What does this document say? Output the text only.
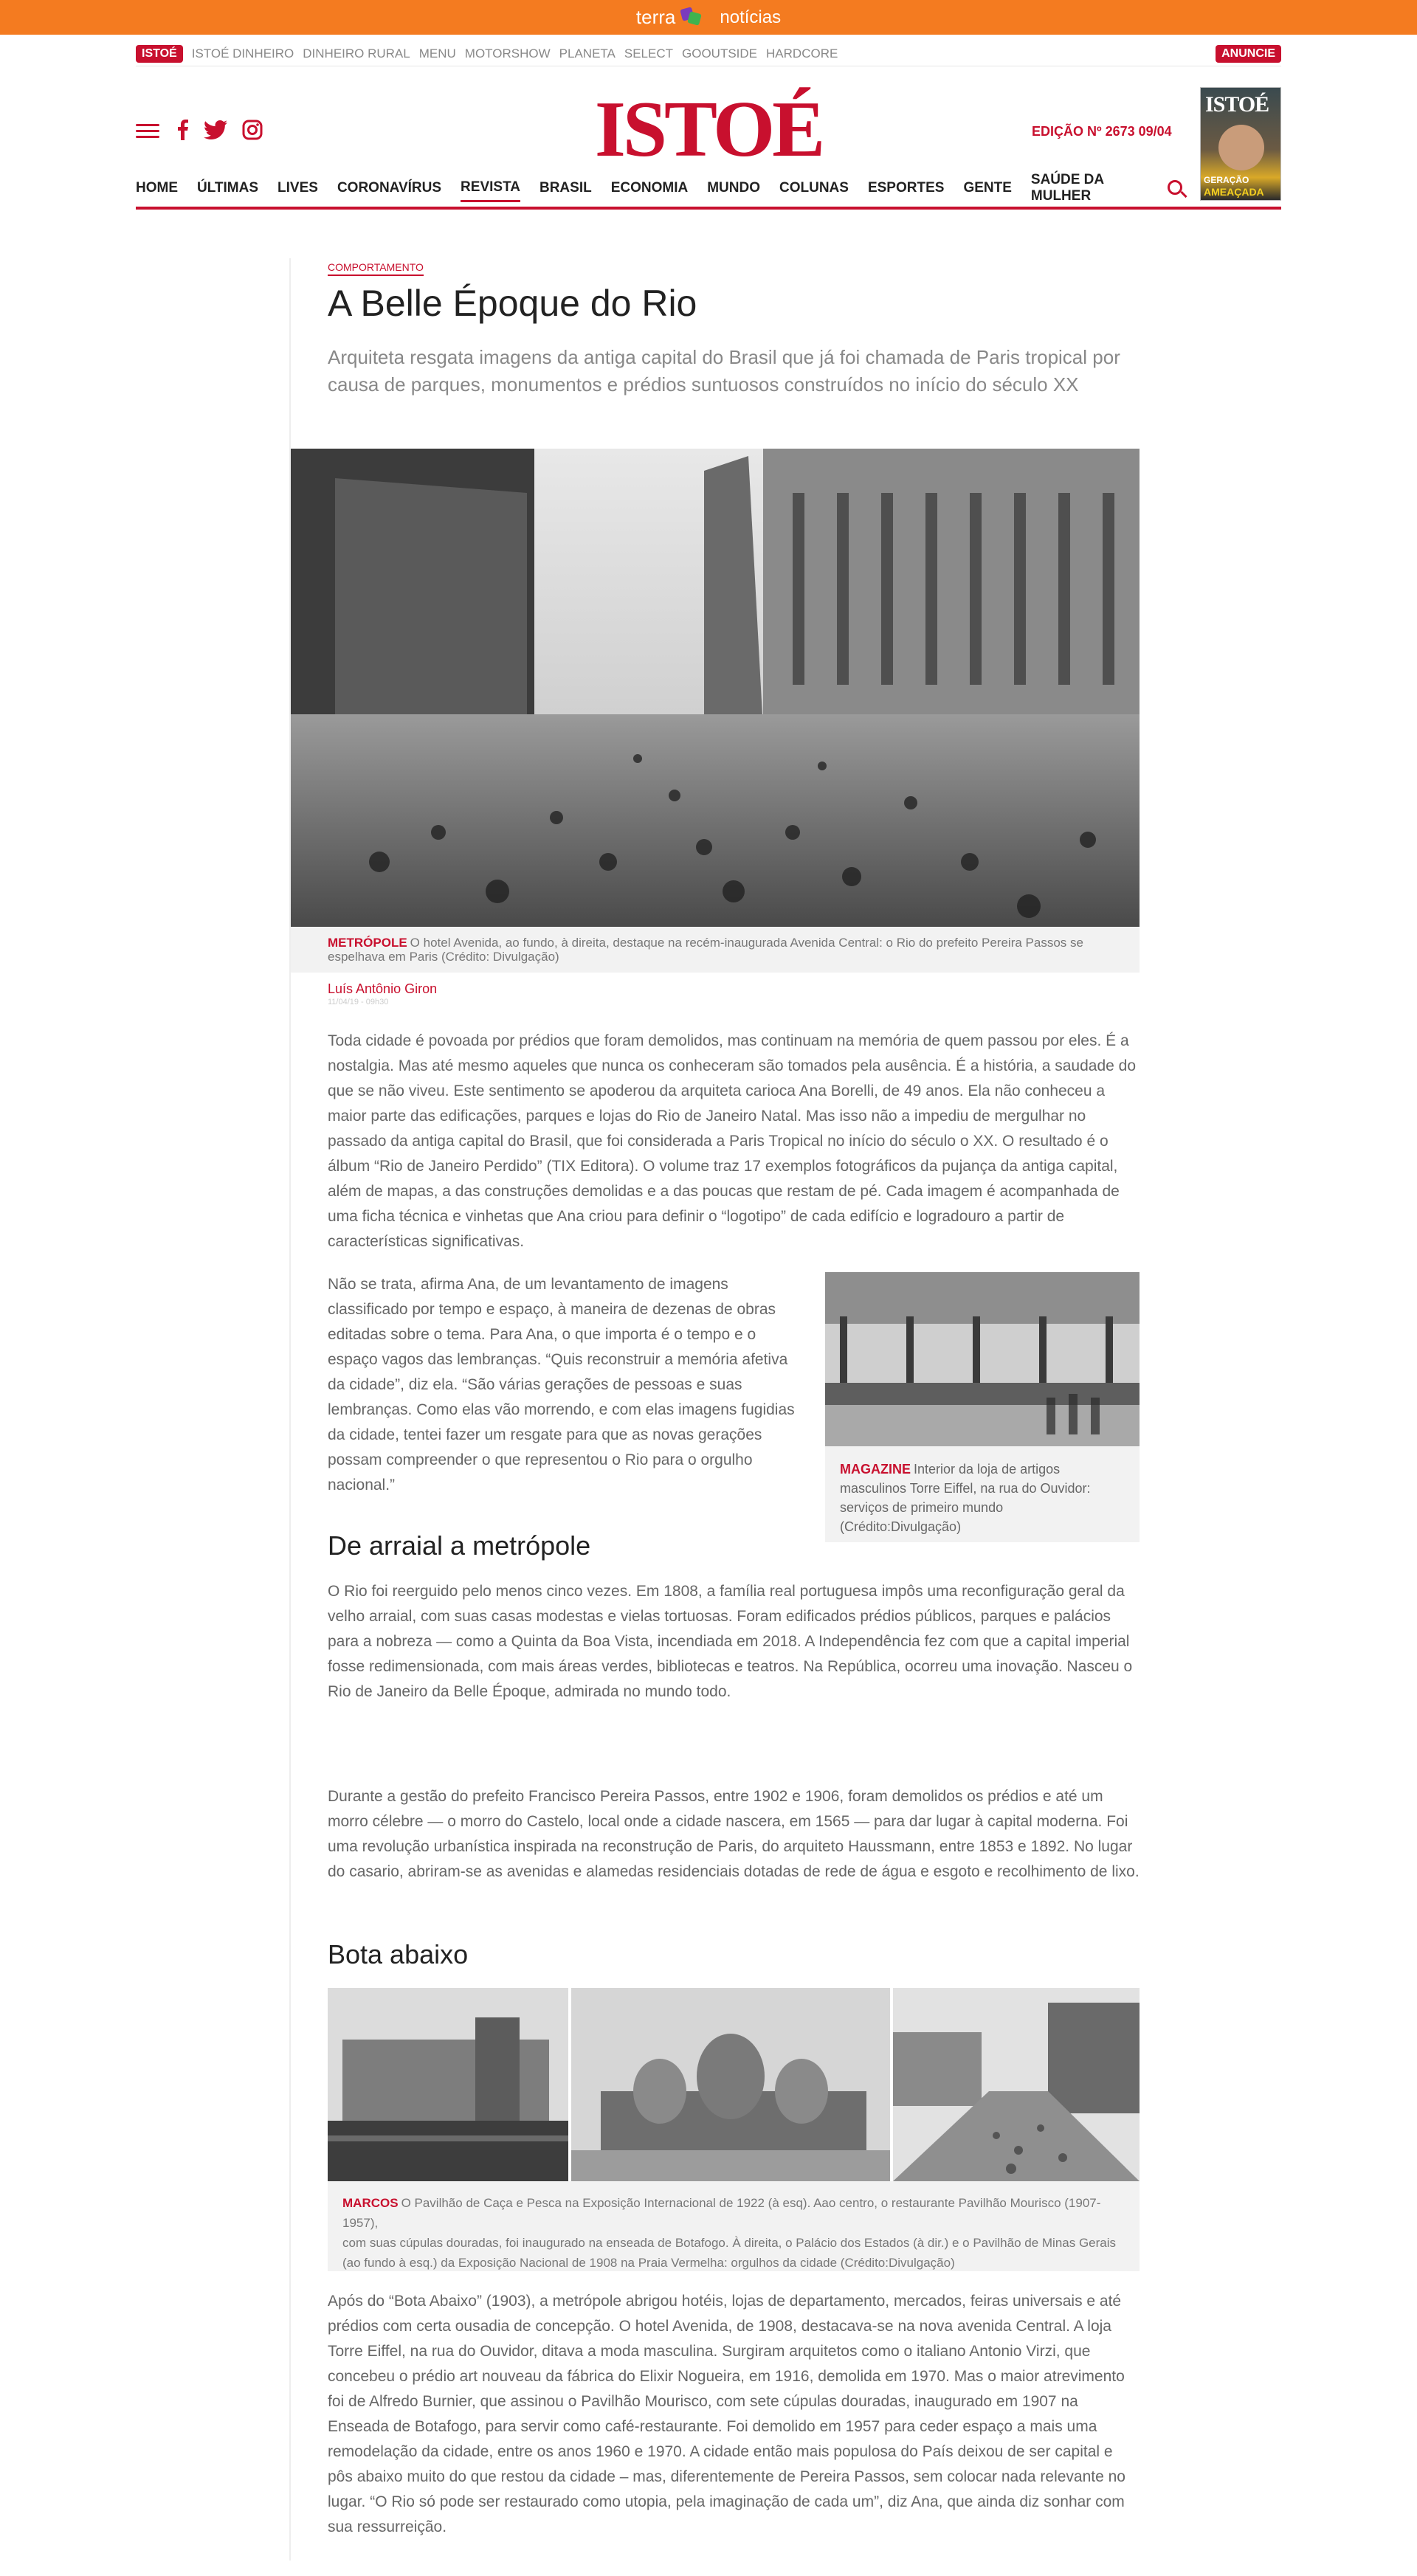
terra	notícias
ISTOÉ	ISTOÉ DINHEIRO DINHEIRO RURAL MENU MOTORSHOW PLANETA SELECT GOOUTSIDE HARDCORE	ANUNCIE
ISTOÉ	EDIÇÃO Nº 2673 09/04
ISTOÉ
GERAÇÃO
AMEAÇADA
HOME ÚLTIMAS LIVES CORONAVÍRUS REVISTA BRASIL ECONOMIA MUNDO COLUNAS ESPORTES GENTE
SAÚDE DA MULHER
COMPORTAMENTO
A Belle Époque do Rio
Arquiteta resgata imagens da antiga capital do Brasil que já foi chamada de Paris tropical por causa de parques, monumentos e prédios suntuosos construídos no início do século XX
METRÓPOLE O hotel Avenida, ao fundo, à direita, destaque na recém-inaugurada Avenida Central: o Rio do prefeito Pereira Passos se espelhava em Paris (Crédito: Divulgação)
Luís Antônio Giron
11/04/19 - 09h30

Toda cidade é povoada por prédios que foram demolidos, mas continuam na memória de quem passou por eles. É a nostalgia. Mas até mesmo aqueles que nunca os conheceram são tomados pela ausência. É a história, a saudade do que se não viveu. Este sentimento se apoderou da arquiteta carioca Ana Borelli, de 49 anos. Ela não conheceu a maior parte das edificações, parques e lojas do Rio de Janeiro Natal. Mas isso não a impediu de mergulhar no passado da antiga capital do Brasil, que foi considerada a Paris Tropical no início do século o XX. O resultado é o álbum “Rio de Janeiro Perdido” (TIX Editora). O volume traz 17 exemplos fotográficos da pujança da antiga capital, além de mapas, a das construções demolidas e a das poucas que restam de pé. Cada imagem é acompanhada de uma ficha técnica e vinhetas que Ana criou para definir o “logotipo” de cada edifício e logradouro a partir de características significativas.

Não se trata, afirma Ana, de um levantamento de imagens classificado por tempo e espaço, à maneira de dezenas de obras editadas sobre o tema. Para Ana, o que importa é o tempo e o espaço vagos das lembranças. “Quis reconstruir a memória afetiva da cidade”, diz ela. “São várias gerações de pessoas e suas lembranças. Como elas vão morrendo, e com elas imagens fugidias da cidade, tentei fazer um resgate para que as novas gerações possam compreender o que representou o Rio para o orgulho nacional.”

MAGAZINE Interior da loja de artigos masculinos Torre Eiffel, na rua do Ouvidor: serviços de primeiro mundo (Crédito:Divulgação)
De arraial a metrópole

O Rio foi reerguido pelo menos cinco vezes. Em 1808, a família real portuguesa impôs uma reconfiguração geral da velho arraial, com suas casas modestas e vielas tortuosas. Foram edificados prédios públicos, parques e palácios para a nobreza — como a Quinta da Boa Vista, incendiada em 2018. A Independência fez com que a capital imperial fosse redimensionada, com mais áreas verdes, bibliotecas e teatros. Na República, ocorreu uma inovação. Nasceu o Rio de Janeiro da Belle Époque, admirada no mundo todo.

Durante a gestão do prefeito Francisco Pereira Passos, entre 1902 e 1906, foram demolidos os prédios e até um morro célebre — o morro do Castelo, local onde a cidade nascera, em 1565 — para dar lugar à capital moderna. Foi uma revolução urbanística inspirada na reconstrução de Paris, do arquiteto Haussmann, entre 1853 e 1892. No lugar do casario, abriram-se as avenidas e alamedas residenciais dotadas de rede de água e esgoto e recolhimento de lixo.

Bota abaixo
MARCOS O Pavilhão de Caça e Pesca na Exposição Internacional de 1922 (à esq). Aao centro, o restaurante Pavilhão Mourisco (1907-1957),
com suas cúpulas douradas, foi inaugurado na enseada de Botafogo. À direita, o Palácio dos Estados (à dir.) e o Pavilhão de Minas Gerais (ao fundo à esq.) da Exposição Nacional de 1908 na Praia Vermelha: orgulhos da cidade (Crédito:Divulgação)

Após do “Bota Abaixo” (1903), a metrópole abrigou hotéis, lojas de departamento, mercados, feiras universais e até prédios com certa ousadia de concepção. O hotel Avenida, de 1908, destacava-se na nova avenida Central. A loja Torre Eiffel, na rua do Ouvidor, ditava a moda masculina. Surgiram arquitetos como o italiano Antonio Virzi, que concebeu o prédio art nouveau da fábrica do Elixir Nogueira, em 1916, demolida em 1970. Mas o maior atrevimento foi de Alfredo Burnier, que assinou o Pavilhão Mourisco, com sete cúpulas douradas, inaugurado em 1907 na Enseada de Botafogo, para servir como café-restaurante. Foi demolido em 1957 para ceder espaço a mais uma remodelação da cidade, entre os anos 1960 e 1970. A cidade então mais populosa do País deixou de ser capital e pôs abaixo muito do que restou da cidade – mas, diferentemente de Pereira Passos, sem colocar nada relevante no lugar. “O Rio só pode ser restaurado como utopia, pela imaginação de cada um”, diz Ana, que ainda diz sonhar com sua ressurreição.
